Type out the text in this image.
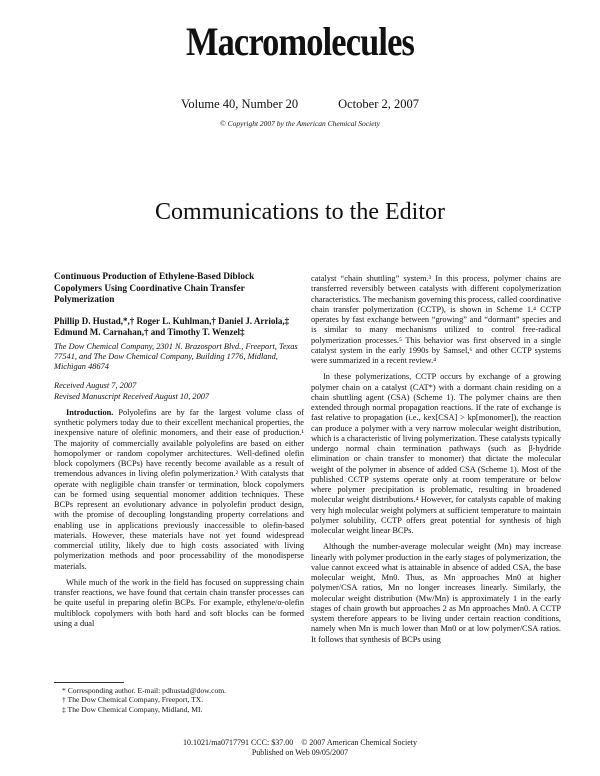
Macromolecules
Volume 40, Number 20	October 2, 2007
© Copyright 2007 by the American Chemical Society
Communications to the Editor

Continuous Production of Ethylene-Based Diblock Copolymers Using Coordinative Chain Transfer Polymerization

Phillip D. Hustad,*,† Roger L. Kuhlman,† Daniel J. Arriola,‡ Edmund M. Carnahan,† and Timothy T. Wenzel‡

The Dow Chemical Company, 2301 N. Brazosport Blvd., Freeport, Texas 77541, and The Dow Chemical Company, Building 1776, Midland, Michigan 48674

Received August 7, 2007
Revised Manuscript Received August 10, 2007

Introduction. Polyolefins are by far the largest volume class of synthetic polymers today due to their excellent mechanical properties, the inexpensive nature of olefinic monomers, and their ease of production.¹ The majority of commercially available polyolefins are based on either homopolymer or random copolymer architectures. Well-defined olefin block copolymers (BCPs) have recently become available as a result of tremendous advances in living olefin polymerization.² With catalysts that operate with negligible chain transfer or termination, block copolymers can be formed using sequential monomer addition techniques. These BCPs represent an evolutionary advance in polyolefin product design, with the promise of decoupling longstanding property correlations and enabling use in applications previously inaccessible to olefin-based materials. However, these materials have not yet found widespread commercial utility, likely due to high costs associated with living polymerization methods and poor processability of the monodisperse materials.

While much of the work in the field has focused on suppressing chain transfer reactions, we have found that certain chain transfer processes can be quite useful in preparing olefin BCPs. For example, ethylene/α-olefin multiblock copolymers with both hard and soft blocks can be formed using a dual

catalyst “chain shuttling” system.³ In this process, polymer chains are transferred reversibly between catalysts with different copolymerization characteristics. The mechanism governing this process, called coordinative chain transfer polymerization (CCTP), is shown in Scheme 1.⁴ CCTP operates by fast exchange between “growing” and “dormant” species and is similar to many mechanisms utilized to control free-radical polymerization processes.⁵ This behavior was first observed in a single catalyst system in the early 1990s by Samsel,⁶ and other CCTP systems were summarized in a recent review.⁴

In these polymerizations, CCTP occurs by exchange of a growing polymer chain on a catalyst (CAT*) with a dormant chain residing on a chain shuttling agent (CSA) (Scheme 1). The polymer chains are then extended through normal propagation reactions. If the rate of exchange is fast relative to propagation (i.e., kex[CSA] > kp[monomer]), the reaction can produce a polymer with a very narrow molecular weight distribution, which is a characteristic of living polymerization. These catalysts typically undergo normal chain termination pathways (such as β-hydride elimination or chain transfer to monomer) that dictate the molecular weight of the polymer in absence of added CSA (Scheme 1). Most of the published CCTP systems operate only at room temperature or below where polymer precipitation is problematic, resulting in broadened molecular weight distributions.⁴ However, for catalysts capable of making very high molecular weight polymers at sufficient temperature to maintain polymer solubility, CCTP offers great potential for synthesis of high molecular weight linear BCPs.

Although the number-average molecular weight (Mn) may increase linearly with polymer production in the early stages of polymerization, the value cannot exceed what is attainable in absence of added CSA, the base molecular weight, Mn0. Thus, as Mn approaches Mn0 at higher polymer/CSA ratios, Mn no longer increases linearly. Similarly, the molecular weight distribution (Mw/Mn) is approximately 1 in the early stages of chain growth but approaches 2 as Mn approaches Mn0. A CCTP system therefore appears to be living under certain reaction conditions, namely when Mn is much lower than Mn0 or at low polymer/CSA ratios. It follows that synthesis of BCPs using

* Corresponding author. E-mail: pdhustad@dow.com.
† The Dow Chemical Company, Freeport, TX.
‡ The Dow Chemical Company, Midland, MI.
10.1021/ma0717791 CCC: $37.00    © 2007 American Chemical Society
Published on Web 09/05/2007
